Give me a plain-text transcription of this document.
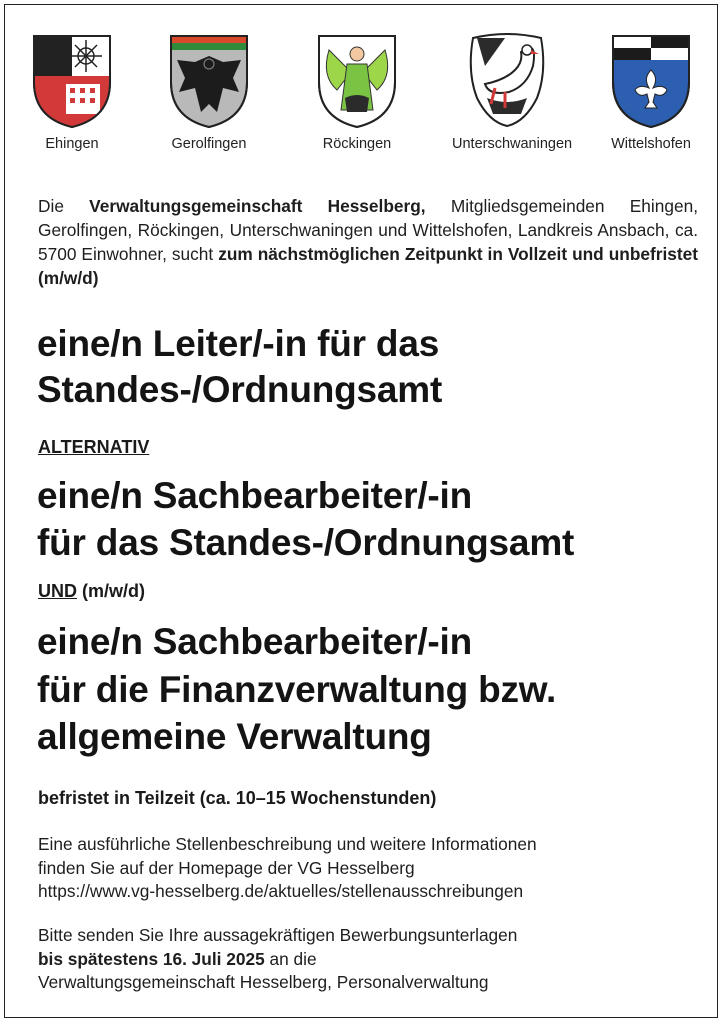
Ehingen	Gerolfingen	Röckingen	Unterschwaningen	Wittelshofen
Die Verwaltungsgemeinschaft Hesselberg, Mitgliedsgemeinden Ehingen, Gerolfingen, Röckingen, Unterschwaningen und Wittelshofen, Landkreis Ansbach, ca. 5700 Einwohner, sucht zum nächstmöglichen Zeitpunkt in Vollzeit und unbefristet (m/w/d)
eine/n Leiter/-in für das
Standes-/Ordnungsamt
ALTERNATIV
eine/n Sachbearbeiter/-in
für das Standes-/Ordnungsamt
UND (m/w/d)
eine/n Sachbearbeiter/-in
für die Finanzverwaltung bzw.
allgemeine Verwaltung
befristet in Teilzeit (ca. 10–15 Wochenstunden)
Eine ausführliche Stellenbeschreibung und weitere Informationen
finden Sie auf der Homepage der VG Hesselberg
https://www.vg-hesselberg.de/aktuelles/stellenausschreibungen
Bitte senden Sie Ihre aussagekräftigen Bewerbungsunterlagen
bis spätestens 16. Juli 2025 an die
Verwaltungsgemeinschaft Hesselberg, Personalverwaltung
